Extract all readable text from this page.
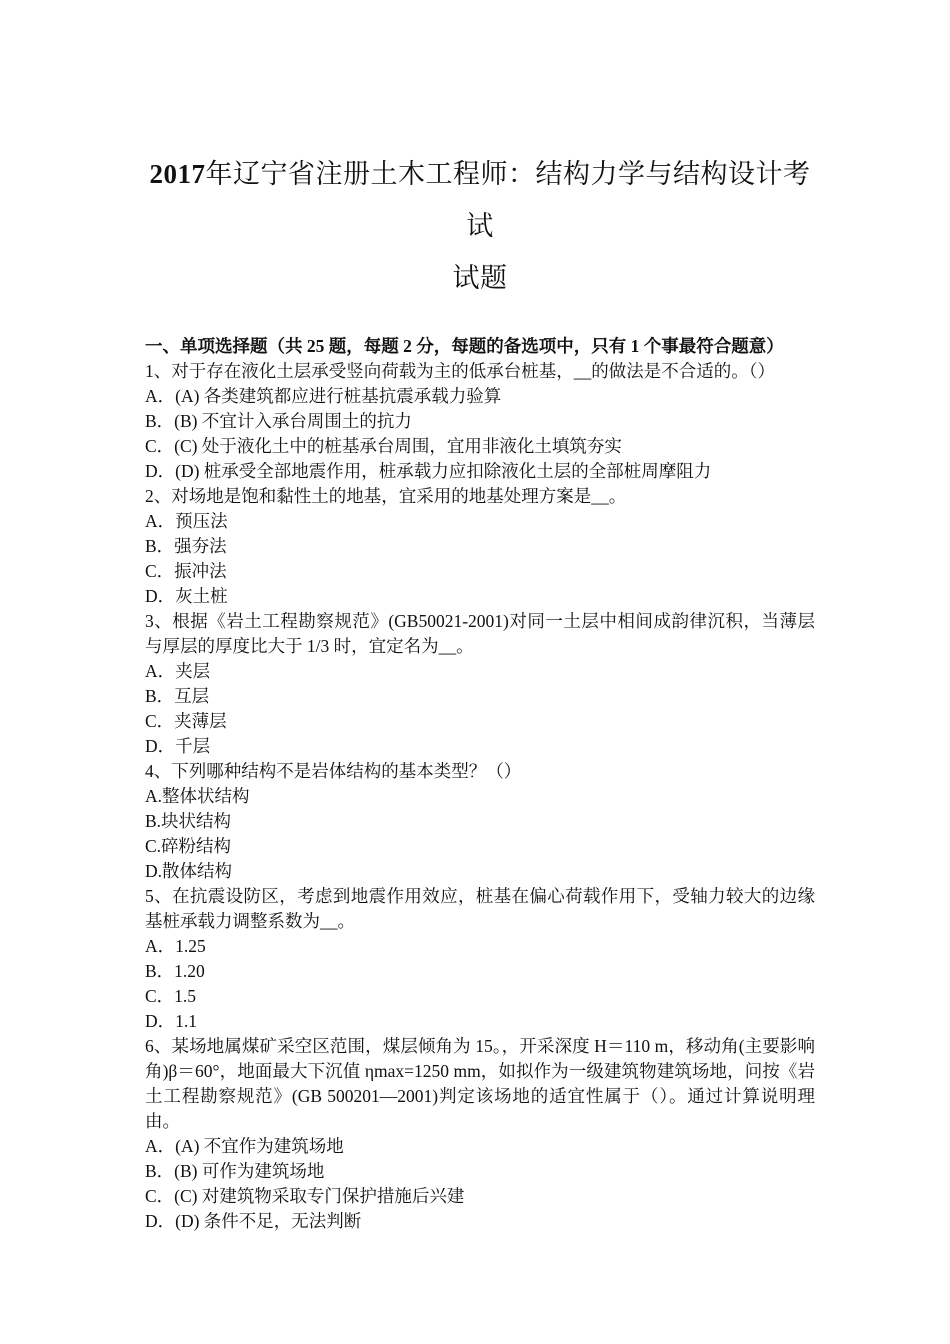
2017年辽宁省注册土木工程师：结构力学与结构设计考试
试题
一、单项选择题（共 25 题，每题 2 分，每题的备选项中，只有 1 个事最符合题意）
1、对于存在液化土层承受竖向荷载为主的低承台桩基，__的做法是不合适的。（）
A．(A) 各类建筑都应进行桩基抗震承载力验算
B．(B) 不宜计入承台周围土的抗力
C．(C) 处于液化土中的桩基承台周围，宜用非液化土填筑夯实
D．(D) 桩承受全部地震作用，桩承载力应扣除液化土层的全部桩周摩阻力
2、对场地是饱和黏性土的地基，宜采用的地基处理方案是__。
A．预压法
B．强夯法
C．振冲法
D．灰土桩
3、根据《岩土工程勘察规范》(GB50021-2001)对同一土层中相间成韵律沉积，当薄层与厚层的厚度比大于 1/3 时，宜定名为__。
A．夹层
B．互层
C．夹薄层
D．千层
4、下列哪种结构不是岩体结构的基本类型？（）
A.整体状结构
B.块状结构
C.碎粉结构
D.散体结构
5、在抗震设防区，考虑到地震作用效应，桩基在偏心荷载作用下，受轴力较大的边缘基桩承载力调整系数为__。
A．1.25
B．1.20
C．1.5
D．1.1
6、某场地属煤矿采空区范围，煤层倾角为 15。，开采深度 H＝110 m，移动角(主要影响角)β＝60°，地面最大下沉值 ηmax=1250 mm，如拟作为一级建筑物建筑场地，问按《岩土工程勘察规范》(GB 500201—2001)判定该场地的适宜性属于（）。通过计算说明理由。
A．(A) 不宜作为建筑场地
B．(B) 可作为建筑场地
C．(C) 对建筑物采取专门保护措施后兴建
D．(D) 条件不足，无法判断
